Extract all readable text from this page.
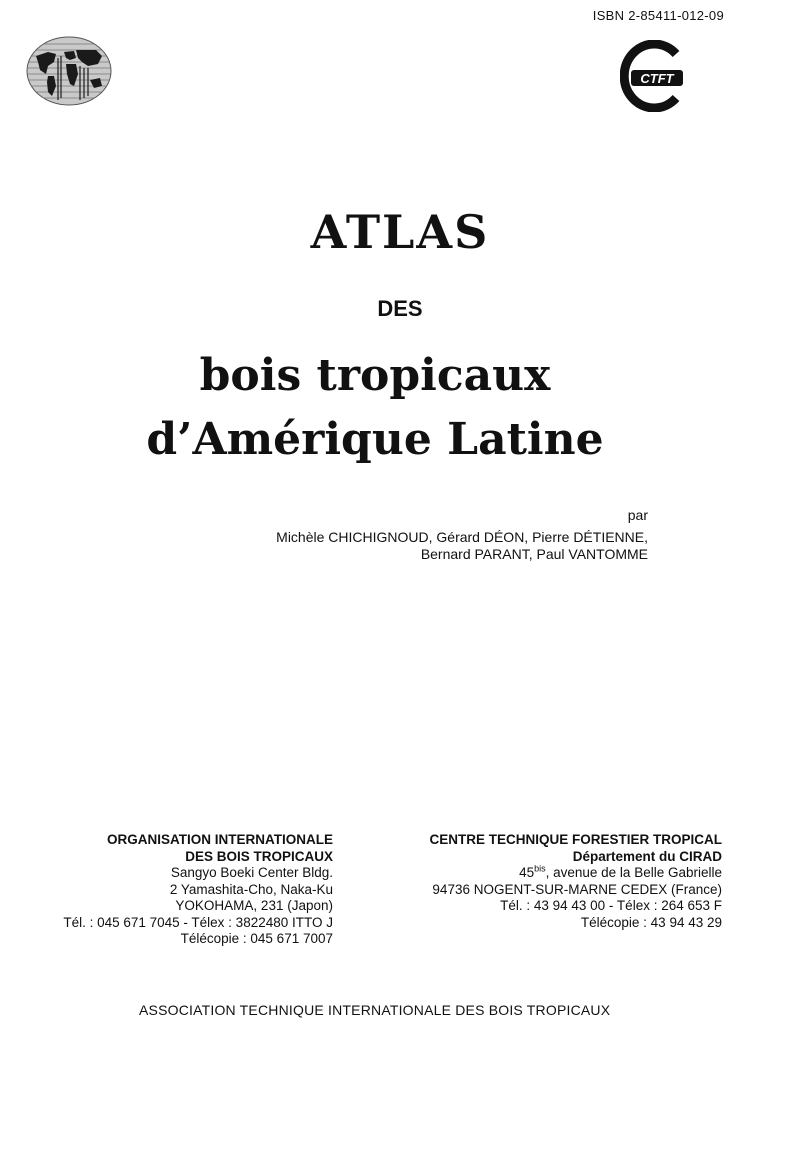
ISBN 2-85411-012-09
CTFT
ATLAS
DES
bois tropicaux
d’Amérique Latine
par
Michèle CHICHIGNOUD, Gérard DÉON, Pierre DÉTIENNE,
Bernard PARANT, Paul VANTOMME
ORGANISATION INTERNATIONALE
DES BOIS TROPICAUX
Sangyo Boeki Center Bldg.
2 Yamashita-Cho, Naka-Ku
YOKOHAMA, 231 (Japon)
Tél. : 045 671 7045 - Télex : 3822480 ITTO J
Télécopie : 045 671 7007
CENTRE TECHNIQUE FORESTIER TROPICAL
Département du CIRAD
$45^{bis}$, avenue de la Belle Gabrielle
94736 NOGENT-SUR-MARNE CEDEX (France)
Tél. : 43 94 43 00 - Télex : 264 653 F
Télécopie : 43 94 43 29
ASSOCIATION TECHNIQUE INTERNATIONALE DES BOIS TROPICAUX
